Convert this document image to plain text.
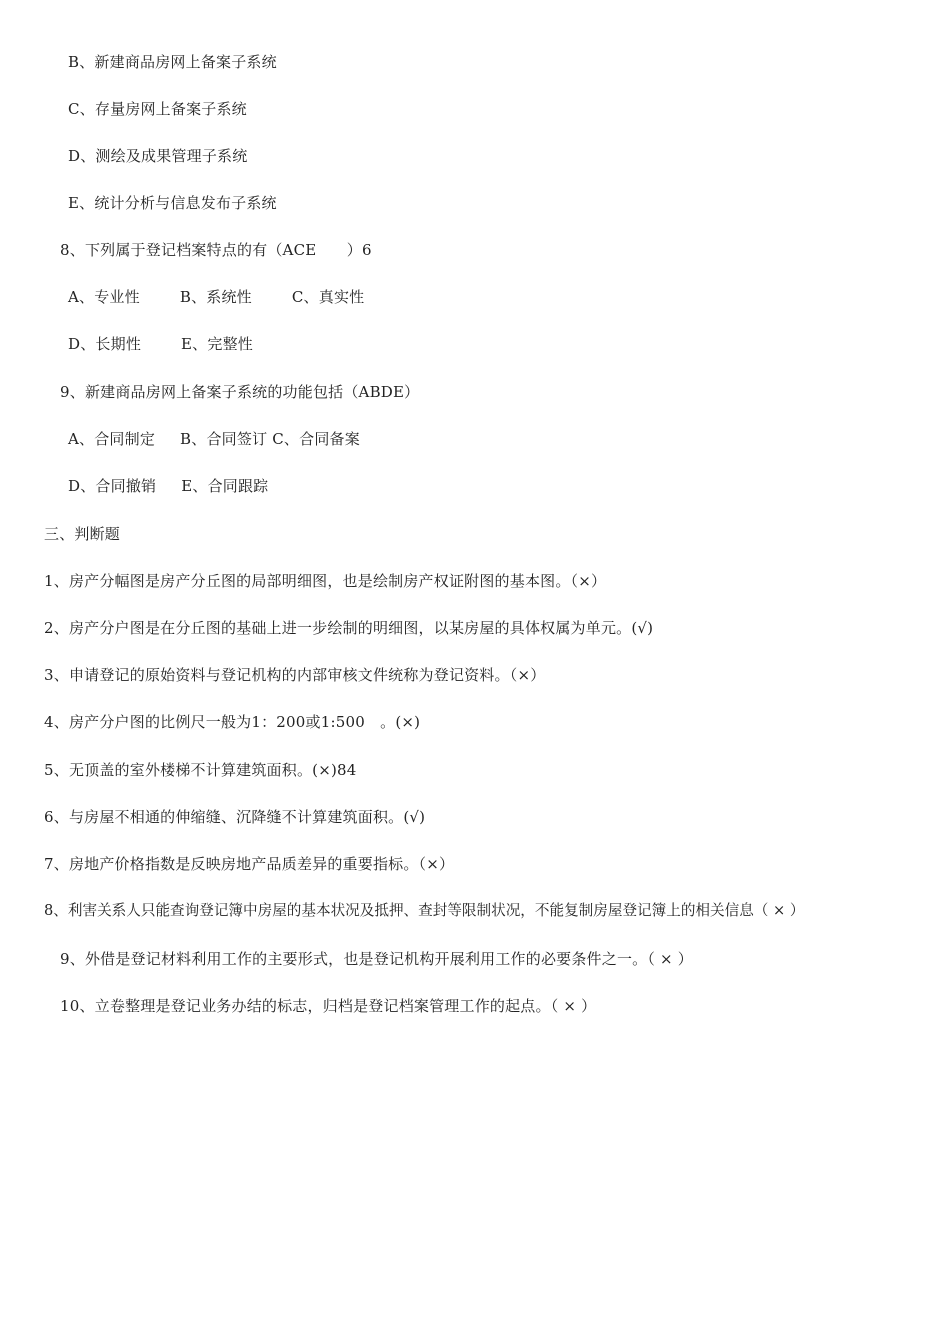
B、新建商品房网上备案子系统
C、存量房网上备案子系统
D、测绘及成果管理子系统
E、统计分析与信息发布子系统
8、下列属于登记档案特点的有（ACE　　）6
A、专业性	B、系统性	C、真实性
D、长期性	E、完整性
9、新建商品房网上备案子系统的功能包括（ABDE）
A、合同制定 B、合同签订 C、合同备案
D、合同撤销 E、合同跟踪
三、判断题
1、房产分幅图是房产分丘图的局部明细图，也是绘制房产权证附图的基本图。（×）
2、房产分户图是在分丘图的基础上进一步绘制的明细图，以某房屋的具体权属为单元。(√)
3、申请登记的原始资料与登记机构的内部审核文件统称为登记资料。（×）
4、房产分户图的比例尺一般为1：200或1:500　。(×)
5、无顶盖的室外楼梯不计算建筑面积。(×)84
6、与房屋不相通的伸缩缝、沉降缝不计算建筑面积。(√)
7、房地产价格指数是反映房地产品质差异的重要指标。（×）
8、利害关系人只能查询登记簿中房屋的基本状况及抵押、查封等限制状况，不能复制房屋登记簿上的相关信息（ × ）
9、外借是登记材料利用工作的主要形式，也是登记机构开展利用工作的必要条件之一。（ × ）
10、立卷整理是登记业务办结的标志，归档是登记档案管理工作的起点。（ × ）
